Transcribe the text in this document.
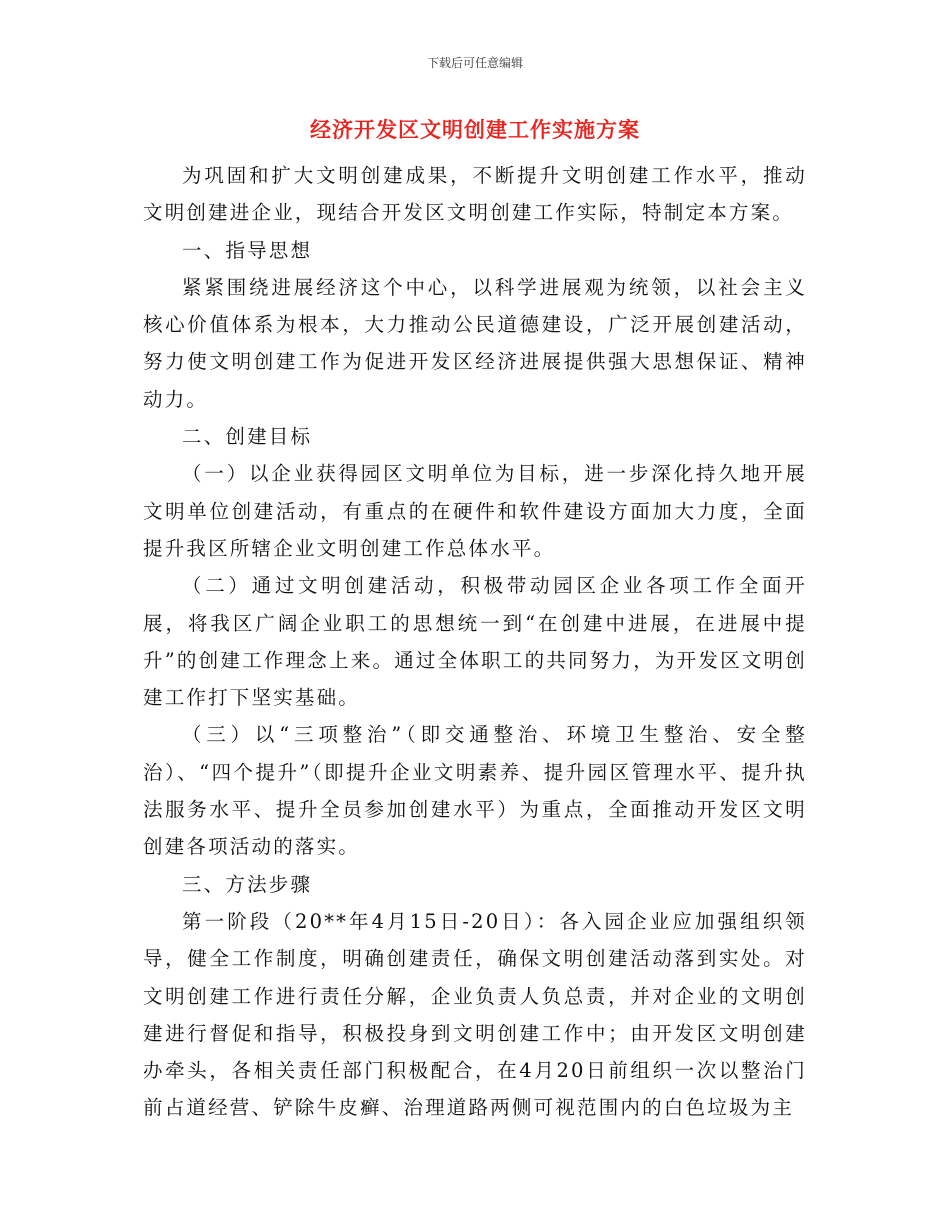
下载后可任意编辑
经济开发区文明创建工作实施方案

为巩固和扩大文明创建成果，不断提升文明创建工作水平，推动文明创建进企业，现结合开发区文明创建工作实际，特制定本方案。

一、指导思想

紧紧围绕进展经济这个中心，以科学进展观为统领，以社会主义核心价值体系为根本，大力推动公民道德建设，广泛开展创建活动，努力使文明创建工作为促进开发区经济进展提供强大思想保证、精神动力。

二、创建目标

（一）以企业获得园区文明单位为目标，进一步深化持久地开展文明单位创建活动，有重点的在硬件和软件建设方面加大力度，全面提升我区所辖企业文明创建工作总体水平。

（二）通过文明创建活动，积极带动园区企业各项工作全面开展，将我区广阔企业职工的思想统一到“在创建中进展，在进展中提升”的创建工作理念上来。通过全体职工的共同努力，为开发区文明创建工作打下坚实基础。

（三）以“三项整治”（即交通整治、环境卫生整治、安全整治）、“四个提升”（即提升企业文明素养、提升园区管理水平、提升执法服务水平、提升全员参加创建水平）为重点，全面推动开发区文明创建各项活动的落实。

三、方法步骤

第一阶段（20**年4月15日-20日）：各入园企业应加强组织领导，健全工作制度，明确创建责任，确保文明创建活动落到实处。对文明创建工作进行责任分解，企业负责人负总责，并对企业的文明创建进行督促和指导，积极投身到文明创建工作中；由开发区文明创建办牵头，各相关责任部门积极配合，在4月20日前组织一次以整治门前占道经营、铲除牛皮癣、治理道路两侧可视范围内的白色垃圾为主
